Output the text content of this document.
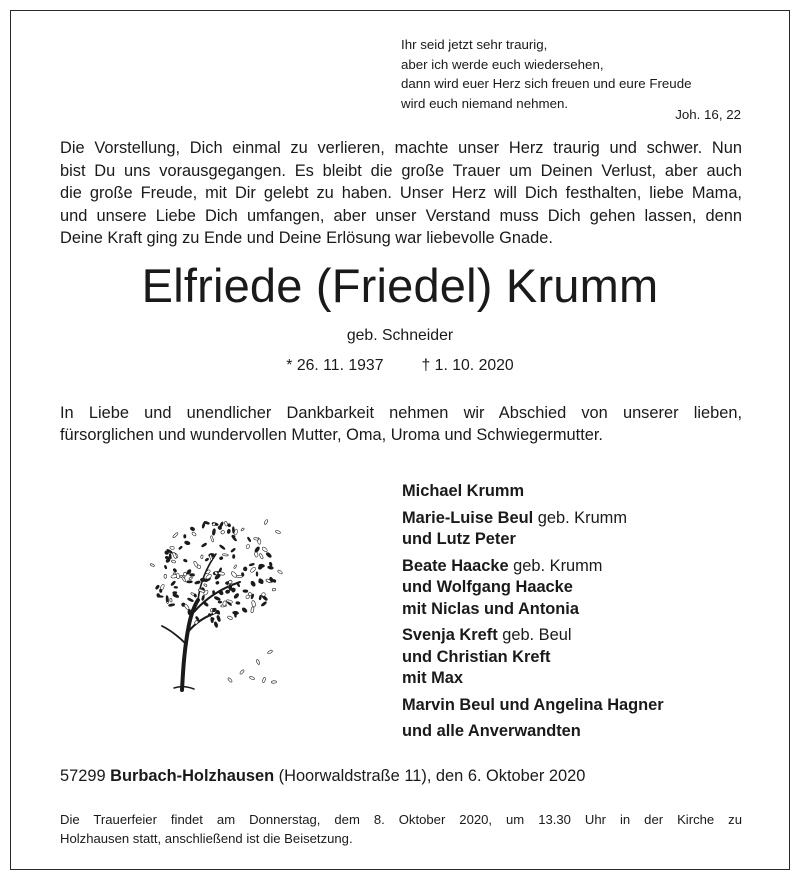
Ihr seid jetzt sehr traurig,
aber ich werde euch wiedersehen,
dann wird euer Herz sich freuen und eure Freude
wird euch niemand nehmen.
Joh. 16, 22
Die Vorstellung, Dich einmal zu verlieren, machte unser Herz traurig und schwer. Nun
bist Du uns vorausgegangen. Es bleibt die große Trauer um Deinen Verlust, aber auch
die große Freude, mit Dir gelebt zu haben. Unser Herz will Dich festhalten, liebe Mama,
und unsere Liebe Dich umfangen, aber unser Verstand muss Dich gehen lassen, denn
Deine Kraft ging zu Ende und Deine Erlösung war liebevolle Gnade.
Elfriede (Friedel) Krumm
geb. Schneider
* 26. 11. 1937 † 1. 10. 2020
In Liebe und unendlicher Dankbarkeit nehmen wir Abschied von unserer lieben,
fürsorglichen und wundervollen Mutter, Oma, Uroma und Schwiegermutter.
Michael Krumm
Marie-Luise Beul geb. Krumm
und Lutz Peter
Beate Haacke geb. Krumm
und Wolfgang Haacke
mit Niclas und Antonia
Svenja Kreft geb. Beul
und Christian Kreft
mit Max
Marvin Beul und Angelina Hagner
und alle Anverwandten
57299 Burbach-Holzhausen (Hoorwaldstraße 11), den 6. Oktober 2020
Die Trauerfeier findet am Donnerstag, dem 8. Oktober 2020, um 13.30 Uhr in der Kirche zu
Holzhausen statt, anschließend ist die Beisetzung.
